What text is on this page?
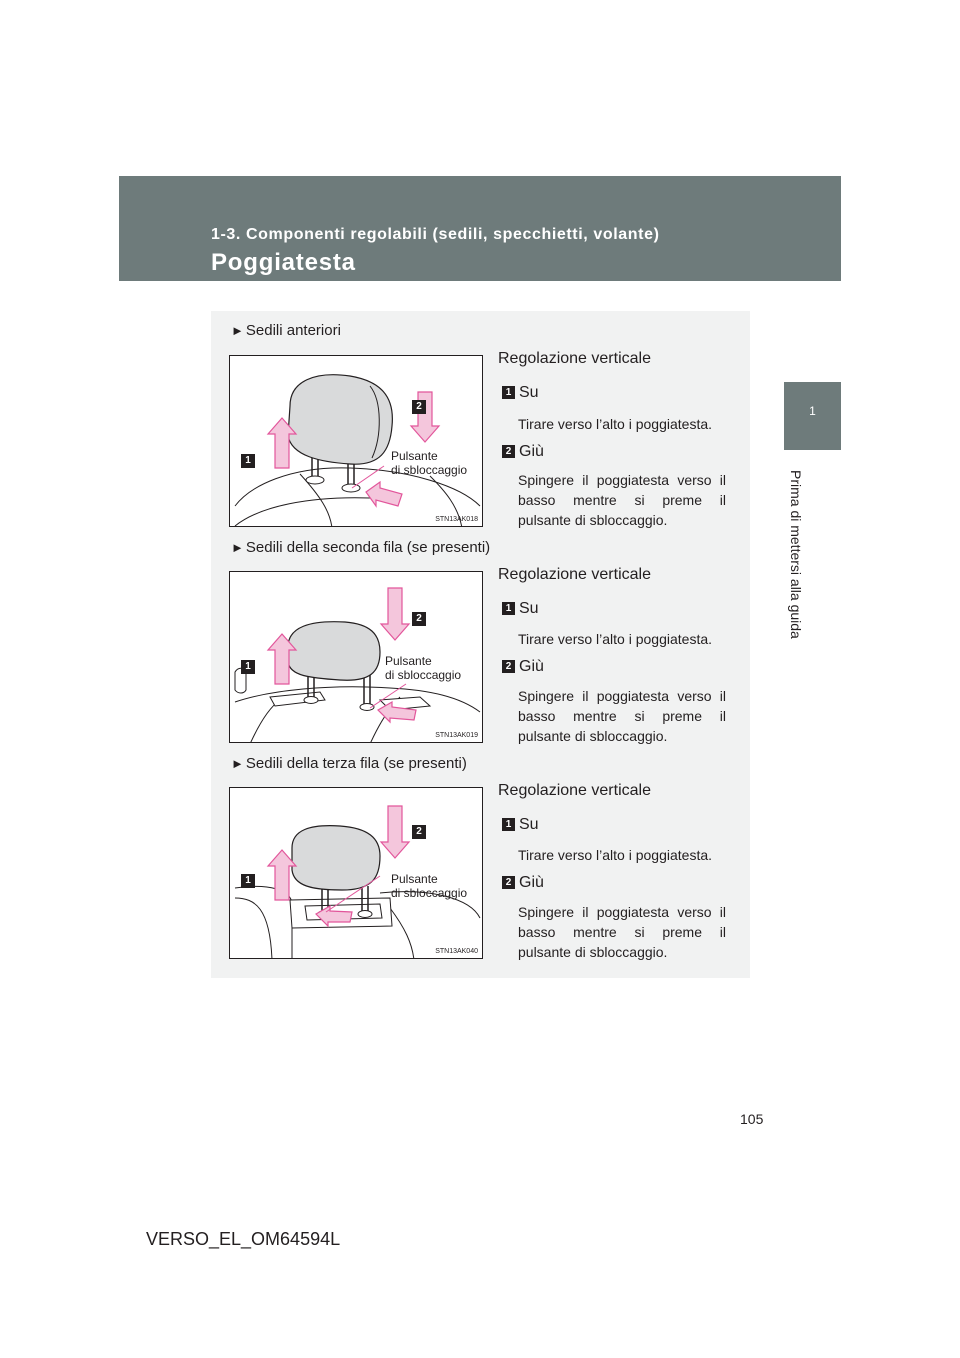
1-3. Componenti regolabili (sedili, specchietti, volante)
Poggiatesta
1
Prima di mettersi alla guida
► Sedili anteriori
1
2
Pulsante
di sbloccaggio
STN13AK018
Regolazione verticale
1 Su
Tirare verso l’alto i poggiatesta.
2 Giù
Spingere il poggiatesta verso il basso mentre si preme il pulsante di sbloccaggio.
► Sedili della seconda fila (se presenti)
1
2
Pulsante
di sbloccaggio
STN13AK019
Regolazione verticale
1 Su
Tirare verso l’alto i poggiatesta.
2 Giù
Spingere il poggiatesta verso il basso mentre si preme il pulsante di sbloccaggio.
► Sedili della terza fila (se presenti)
1
2
Pulsante
di sbloccaggio
STN13AK040
Regolazione verticale
1 Su
Tirare verso l’alto i poggiatesta.
2 Giù
Spingere il poggiatesta verso il basso mentre si preme il pulsante di sbloccaggio.
105
VERSO_EL_OM64594L
